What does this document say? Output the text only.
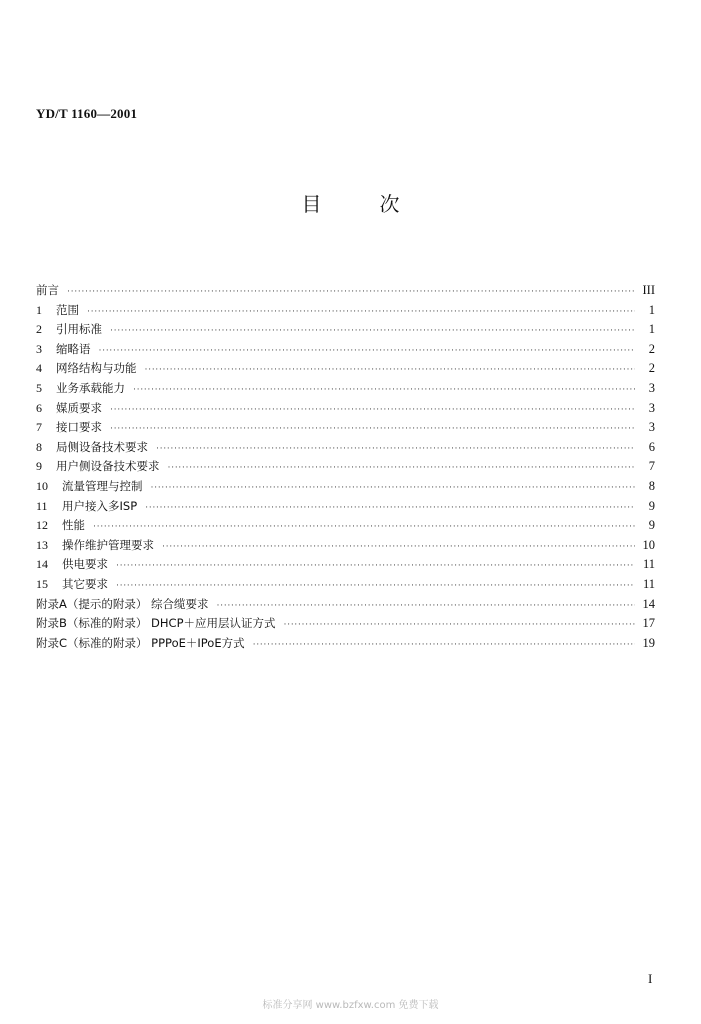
YD/T 1160—2001
目次
前言 ·····	III
1	范围 ·····	1
2	引用标准 ·····	1
3	缩略语 ·····	2
4	网络结构与功能 ·····	2
5	业务承载能力 ·····	3
6	媒质要求 ·····	3
7	接口要求 ·····	3
8	局侧设备技术要求 ·····	6
9	用户侧设备技术要求 ·····	7
10	流量管理与控制 ·····	8
11	用户接入多ISP ·····	9
12	性能 ·····	9
13	操作维护管理要求 ·····	10
14	供电要求 ·····	11
15	其它要求 ·····	11
附录A（提示的附录） 综合缆要求 ·····	14
附录B（标准的附录） DHCP＋应用层认证方式 ·····	17
附录C（标准的附录） PPPoE＋IPoE方式 ·····	19
I
标准分享网 www.bzfxw.com 免费下载
